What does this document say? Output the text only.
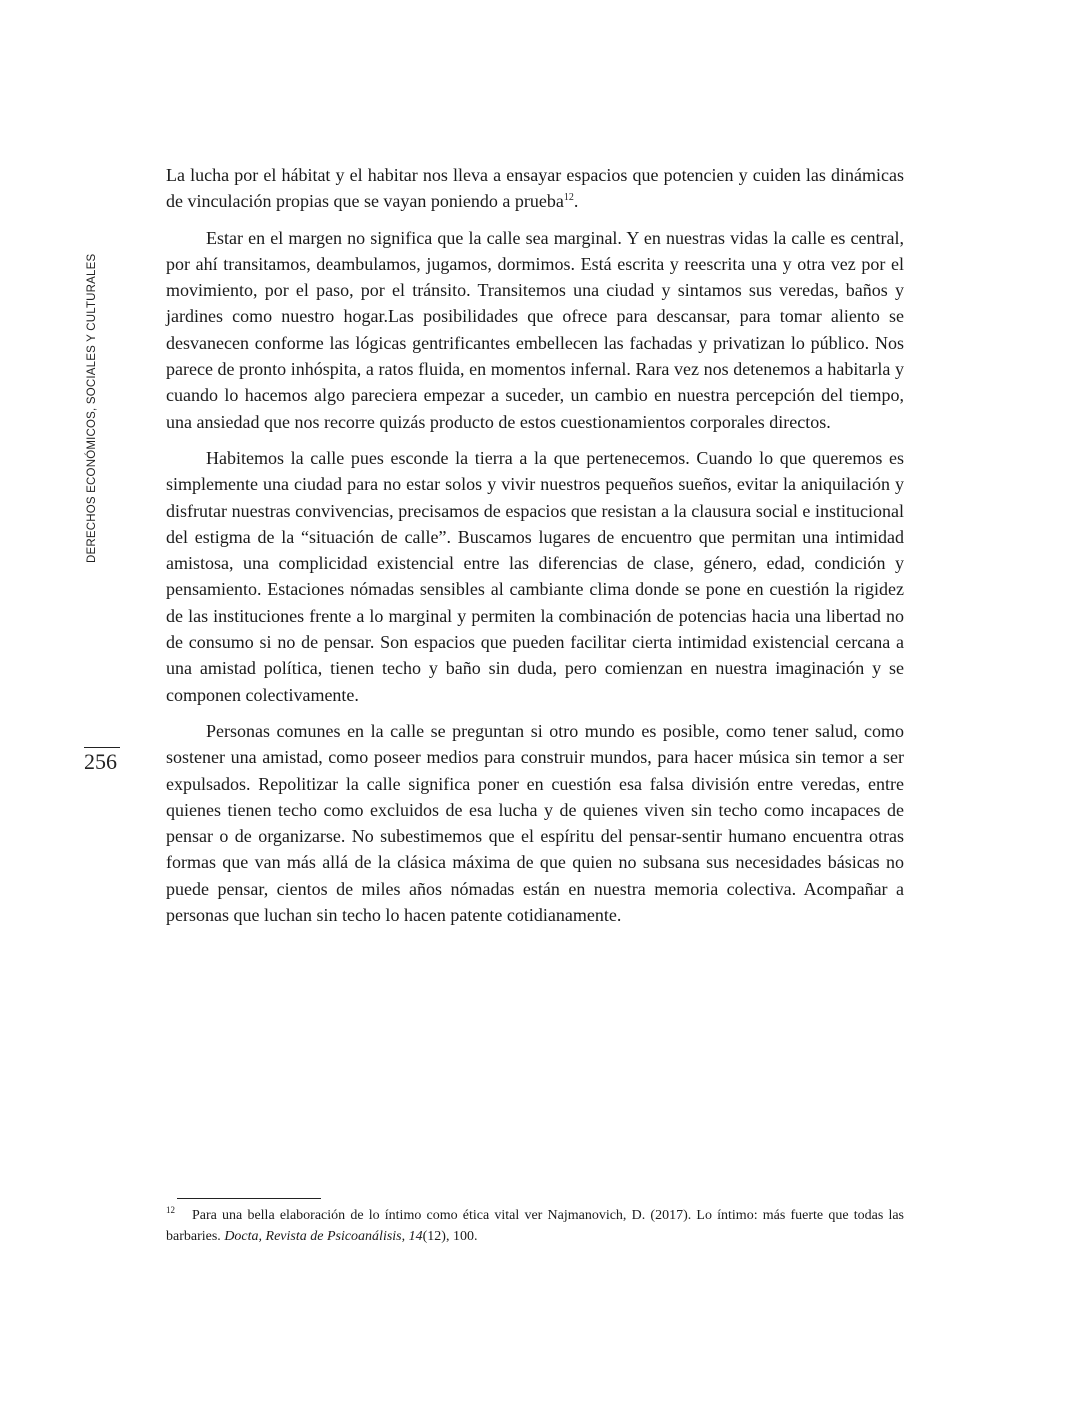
DERECHOS ECONÓMICOS, SOCIALES Y CULTURALES
256

La lucha por el hábitat y el habitar nos lleva a ensayar espacios que potencien y cuiden las dinámicas de vinculación propias que se vayan poniendo a prueba$^{12}$.

Estar en el margen no significa que la calle sea marginal. Y en nuestras vidas la calle es central, por ahí transitamos, deambulamos, jugamos, dormimos. Está escrita y reescrita una y otra vez por el movimiento, por el paso, por el tránsito. Transitemos una ciudad y sintamos sus veredas, baños y jardines como nuestro hogar.Las posibilidades que ofrece para descansar, para tomar aliento se desvanecen conforme las lógicas gentrificantes embellecen las fachadas y privatizan lo público. Nos parece de pronto inhóspita, a ratos fluida, en momentos infernal. Rara vez nos detenemos a habitarla y cuando lo hacemos algo pareciera empezar a suceder, un cambio en nuestra percepción del tiempo, una ansiedad que nos recorre quizás producto de estos cuestionamientos corporales directos.

Habitemos la calle pues esconde la tierra a la que pertenecemos. Cuando lo que queremos es simplemente una ciudad para no estar solos y vivir nuestros pequeños sueños, evitar la aniquilación y disfrutar nuestras convivencias, precisamos de espacios que resistan a la clausura social e institucional del estigma de la “situación de calle”. Buscamos lugares de encuentro que permitan una intimidad amistosa, una complicidad existencial entre las diferencias de clase, género, edad, condición y pensamiento. Estaciones nómadas sensibles al cambiante clima donde se pone en cuestión la rigidez de las instituciones frente a lo marginal y permiten la combinación de potencias hacia una libertad no de consumo si no de pensar. Son espacios que pueden facilitar cierta intimidad existencial cercana a una amistad política, tienen techo y baño sin duda, pero comienzan en nuestra imaginación y se componen colectivamente.

Personas comunes en la calle se preguntan si otro mundo es posible, como tener salud, como sostener una amistad, como poseer medios para construir mundos, para hacer música sin temor a ser expulsados. Repolitizar la calle significa poner en cuestión esa falsa división entre veredas, entre quienes tienen techo como excluidos de esa lucha y de quienes viven sin techo como incapaces de pensar o de organizarse. No subestimemos que el espíritu del pensar-sentir humano encuentra otras formas que van más allá de la clásica máxima de que quien no subsana sus necesidades básicas no puede pensar, cientos de miles años nómadas están en nuestra memoria colectiva. Acompañar a personas que luchan sin techo lo hacen patente cotidianamente.

12 Para una bella elaboración de lo íntimo como ética vital ver Najmanovich, D. (2017). Lo íntimo: más fuerte que todas las barbaries. Docta, Revista de Psicoanálisis, 14(12), 100.
